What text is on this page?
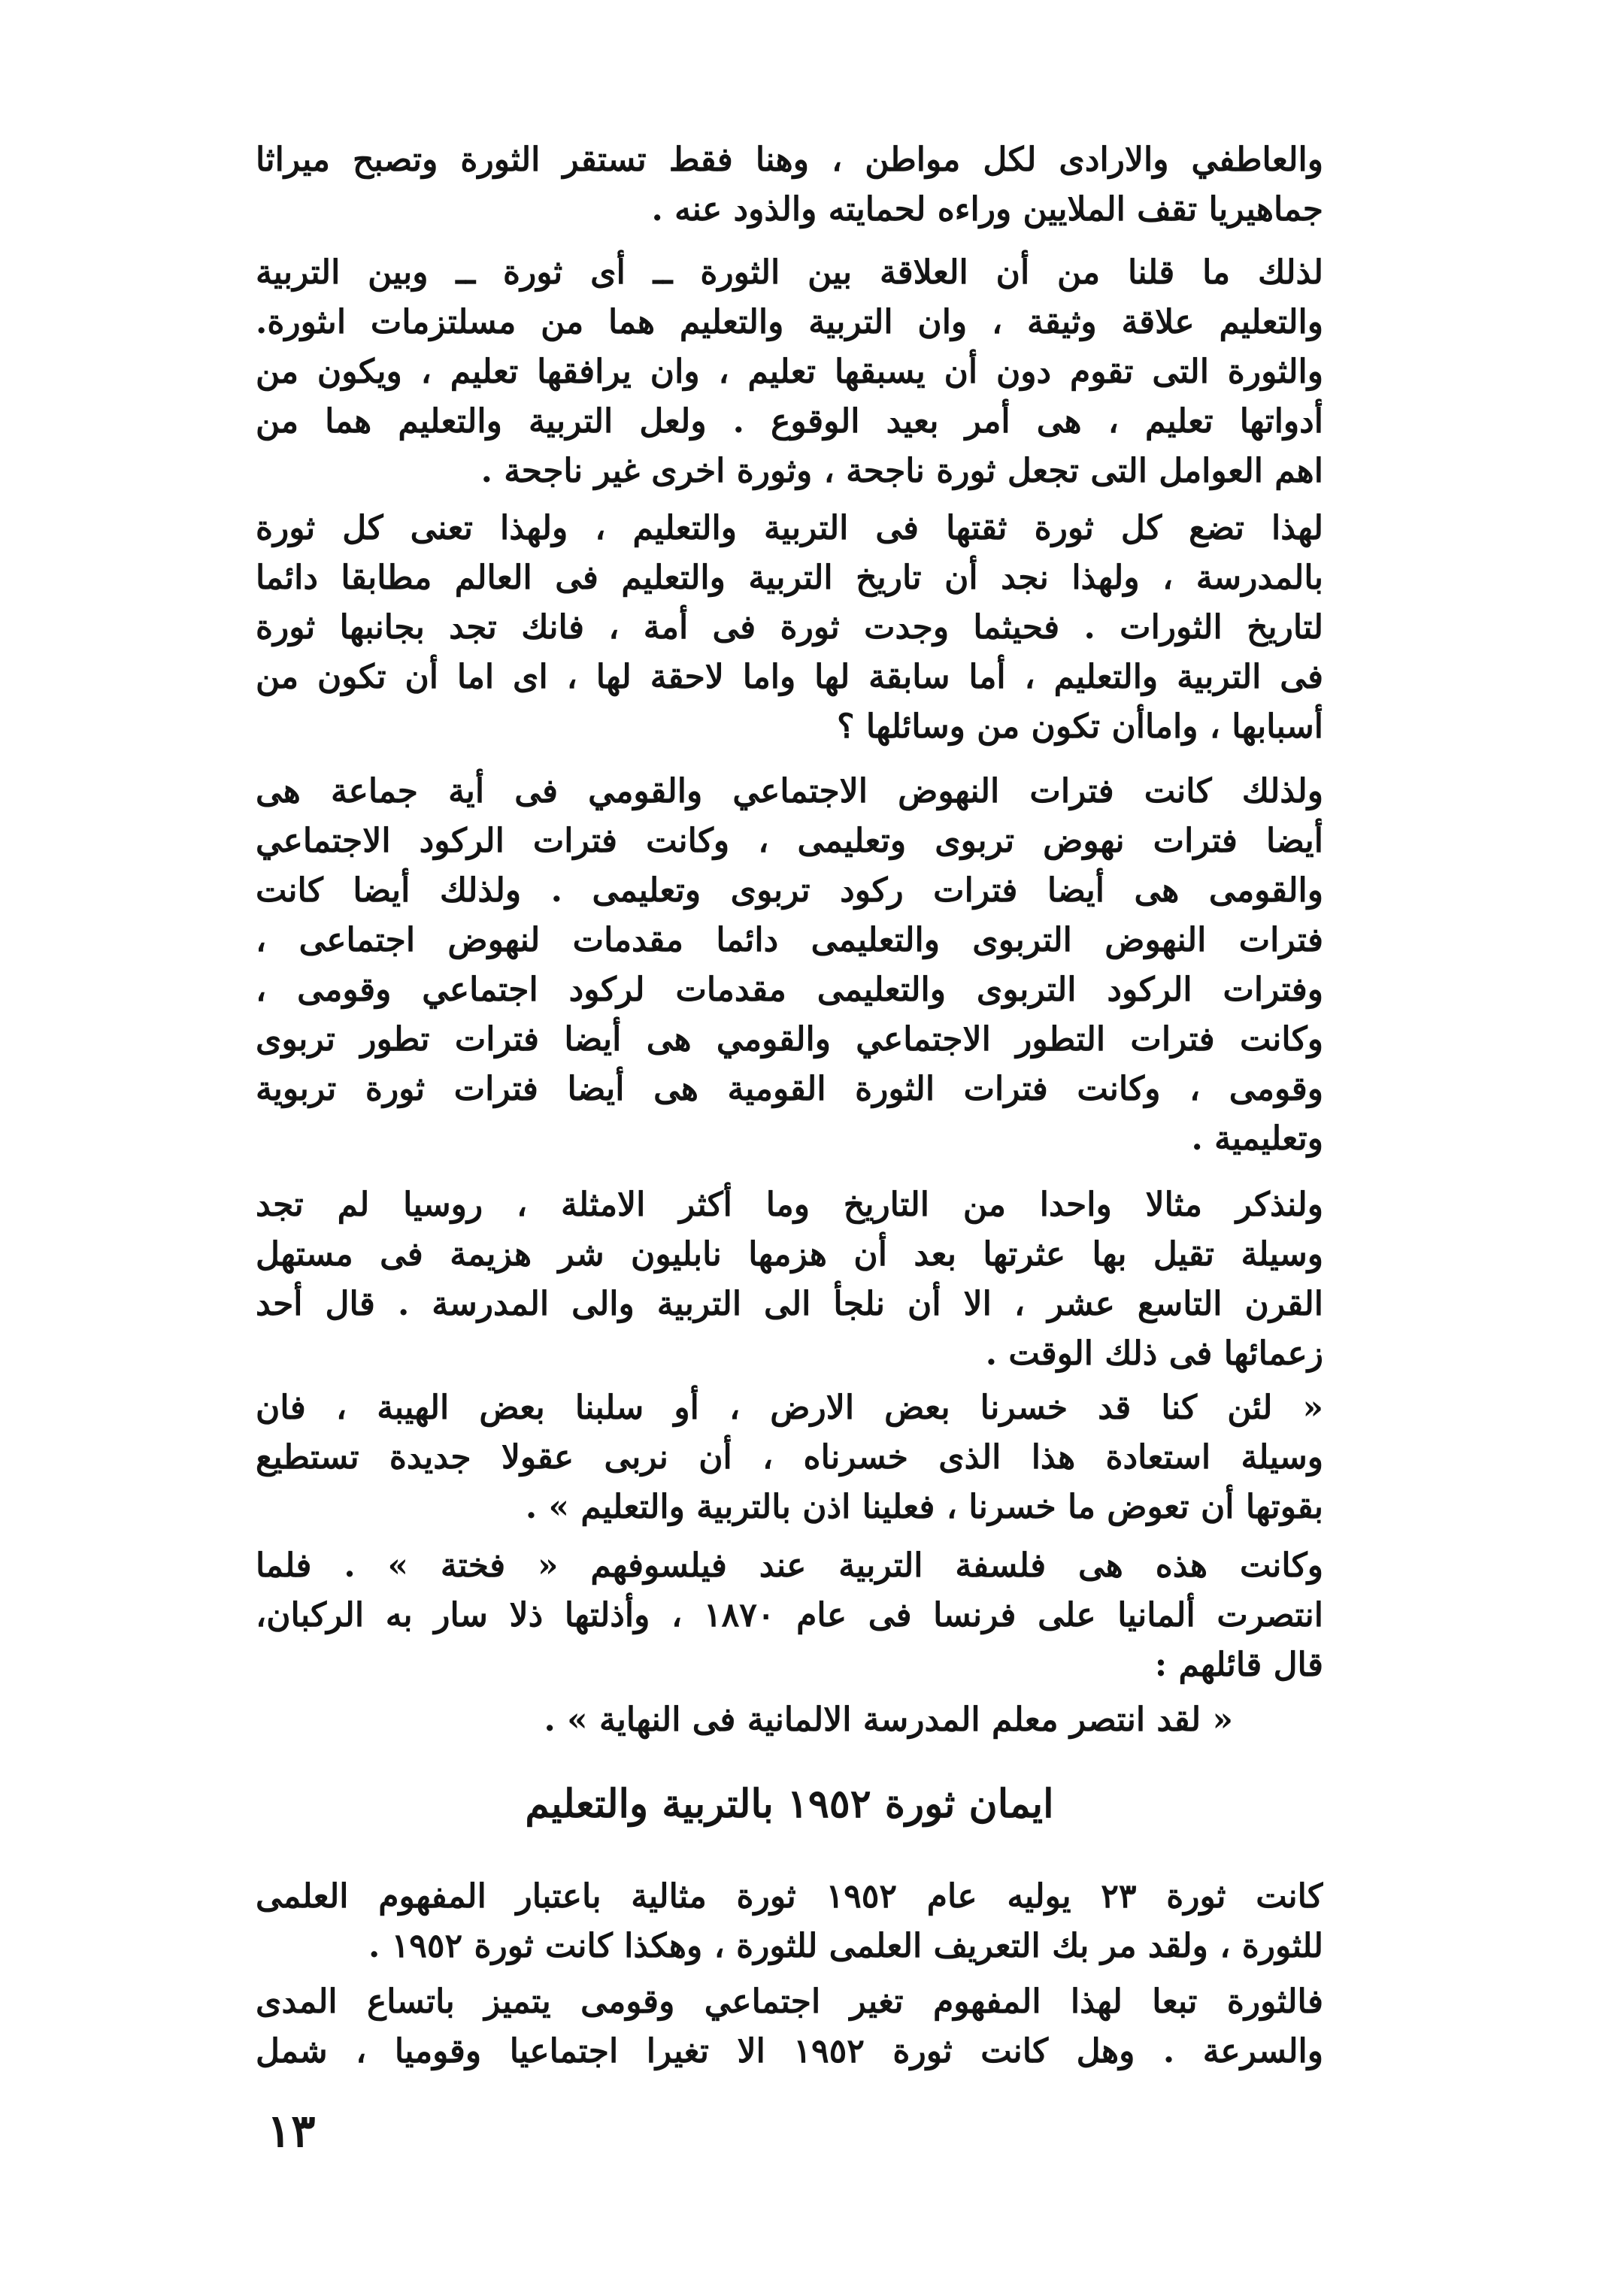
والعاطفي والارادى لكل مواطن ، وهنا فقط تستقر الثورة وتصبح ميراثا
جماهيريا تقف الملايين وراءه لحمايته والذود عنه .
لذلك ما قلنا من أن العلاقة بين الثورة ــ أى ثورة ــ وبين التربية
والتعليم علاقة وثيقة ، وان التربية والتعليم هما من مسلتزمات اىثورة.
والثورة التى تقوم دون أن يسبقها تعليم ، وان يرافقها تعليم ، ويكون من
أدواتها تعليم ، هى أمر بعيد الوقوع . ولعل التربية والتعليم هما من
اهم العوامل التى تجعل ثورة ناجحة ، وثورة اخرى غير ناجحة .
لهذا تضع كل ثورة ثقتها فى التربية والتعليم ، ولهذا تعنى كل ثورة
بالمدرسة ، ولهذا نجد أن تاريخ التربية والتعليم فى العالم مطابقا دائما
لتاريخ الثورات . فحيثما وجدت ثورة فى أمة ، فانك تجد بجانبها ثورة
فى التربية والتعليم ، أما سابقة لها واما لاحقة لها ، اى اما أن تكون من
أسبابها ، واماأن تكون من وسائلها ؟
ولذلك كانت فترات النهوض الاجتماعي والقومي فى أية جماعة هى
أيضا فترات نهوض تربوى وتعليمى ، وكانت فترات الركود الاجتماعي
والقومى هى أيضا فترات ركود تربوى وتعليمى . ولذلك أيضا كانت
فترات النهوض التربوى والتعليمى دائما مقدمات لنهوض اجتماعى ،
وفترات الركود التربوى والتعليمى مقدمات لركود اجتماعي وقومى ،
وكانت فترات التطور الاجتماعي والقومي هى أيضا فترات تطور تربوى
وقومى ، وكانت فترات الثورة القومية هى أيضا فترات ثورة تربوية
وتعليمية .
ولنذكر مثالا واحدا من التاريخ وما أكثر الامثلة ، روسيا لم تجد
وسيلة تقيل بها عثرتها بعد أن هزمها نابليون شر هزيمة فى مستهل
القرن التاسع عشر ، الا أن نلجأ الى التربية والى المدرسة . قال أحد
زعمائها فى ذلك الوقت .
« لئن كنا قد خسرنا بعض الارض ، أو سلبنا بعض الهيبة ، فان
وسيلة استعادة هذا الذى خسرناه ، أن نربى عقولا جديدة تستطيع
بقوتها أن تعوض ما خسرنا ، فعلينا اذن بالتربية والتعليم » .
وكانت هذه هى فلسفة التربية عند فيلسوفهم « فختة » . فلما
انتصرت ألمانيا على فرنسا فى عام ١٨٧٠ ، وأذلتها ذلا سار به الركبان،
قال قائلهم :
« لقد انتصر معلم المدرسة الالمانية فى النهاية » .
ايمان ثورة ١٩٥٢ بالتربية والتعليم
كانت ثورة ٢٣ يوليه عام ١٩٥٢ ثورة مثالية باعتبار المفهوم العلمى
للثورة ، ولقد مر بك التعريف العلمى للثورة ، وهكذا كانت ثورة ١٩٥٢ .
فالثورة تبعا لهذا المفهوم تغير اجتماعي وقومى يتميز باتساع المدى
والسرعة . وهل كانت ثورة ١٩٥٢ الا تغيرا اجتماعيا وقوميا ، شمل
١٣
